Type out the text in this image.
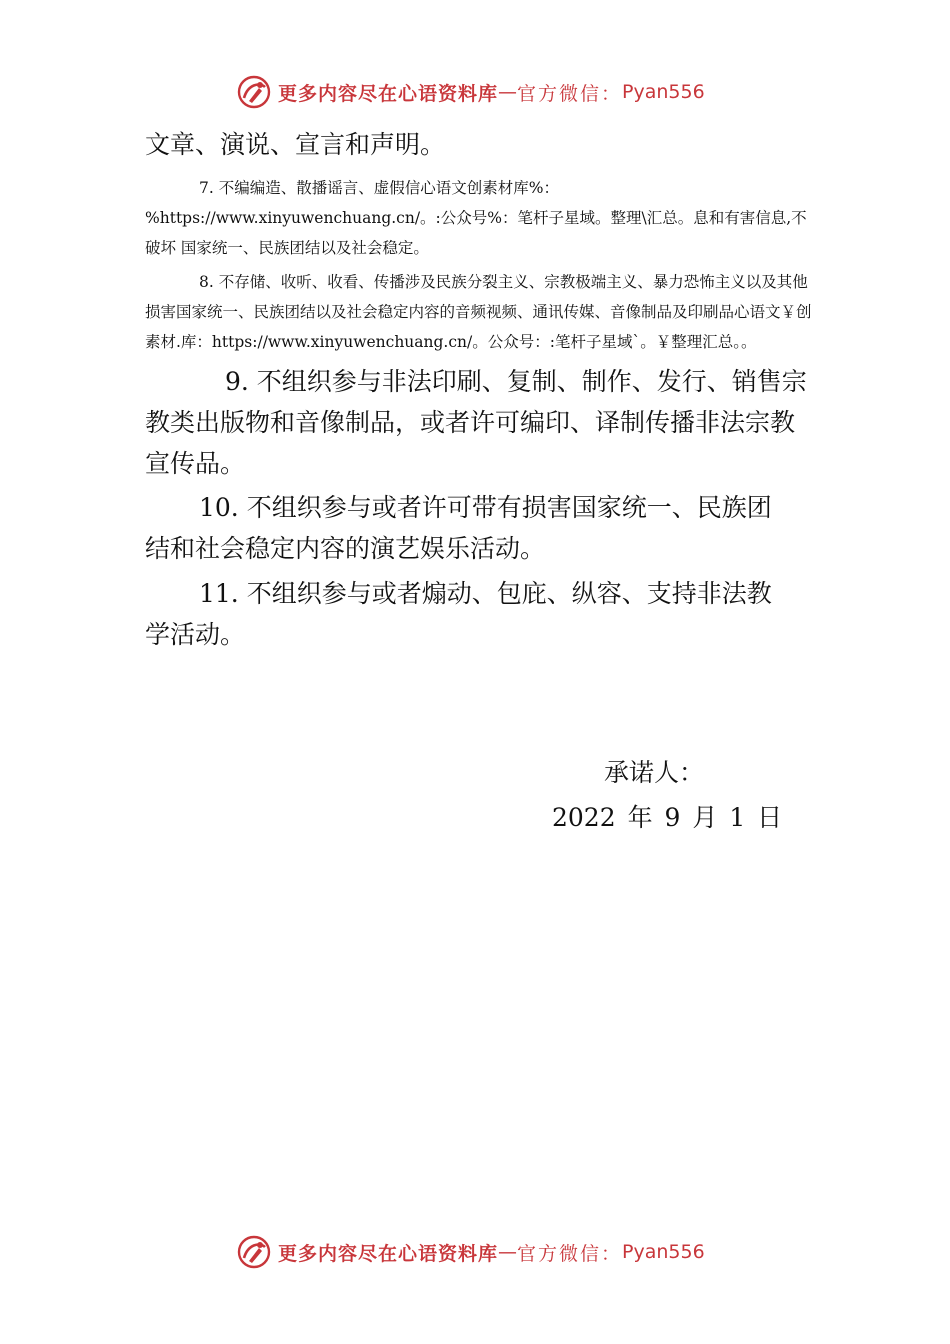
更多内容尽在心语资料库 — 官方微信： Pyan556

文章、演说、宣言和声明。

7. 不编编造、散播谣言、虚假信心语文创素材库%：%https://www.xinyuwenchuang.cn/。:公众号%：笔杆子星域。整理\汇总。息和有害信息,不破坏 国家统一、民族团结以及社会稳定。

8. 不存储、收听、收看、传播涉及民族分裂主义、宗教极端主义、暴力恐怖主义以及其他损害国家统一、民族团结以及社会稳定内容的音频视频、通讯传媒、音像制品及印刷品心语文￥创素材.库：https://www.xinyuwenchuang.cn/。公众号：:笔杆子星域`。￥整理汇总。。

9. 不组织参与非法印刷、复制、制作、发行、销售宗教类出版物和音像制品，或者许可编印、译制传播非法宗教宣传品。

10. 不组织参与或者许可带有损害国家统一、民族团结和社会稳定内容的演艺娱乐活动。

11. 不组织参与或者煽动、包庇、纵容、支持非法教学活动。

承诺人：
2022 年 9 月 1 日
更多内容尽在心语资料库 — 官方微信： Pyan556
